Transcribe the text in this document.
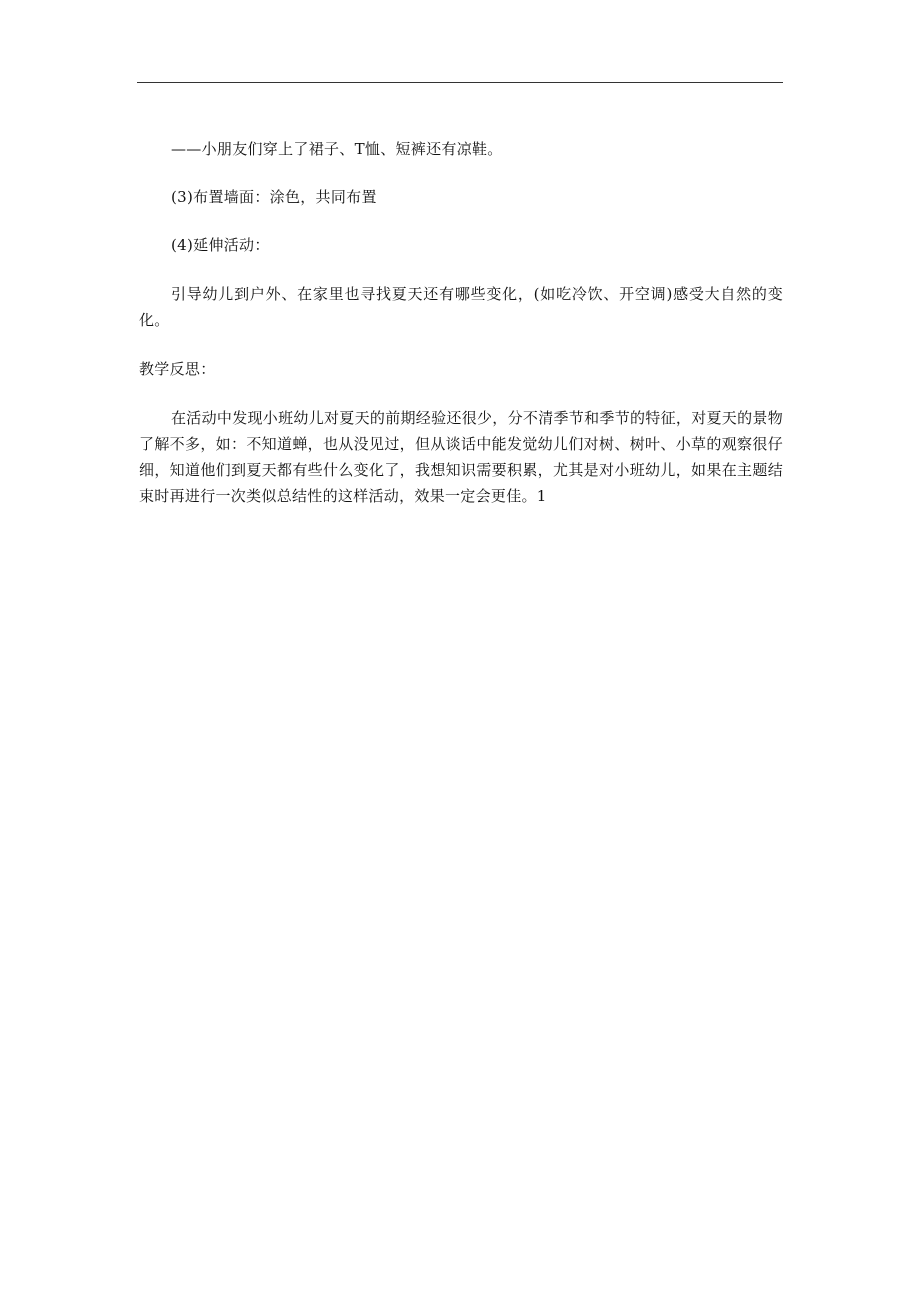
——小朋友们穿上了裙子、T恤、短裤还有凉鞋。

(3)布置墙面：涂色，共同布置

(4)延伸活动：

引导幼儿到户外、在家里也寻找夏天还有哪些变化，(如吃冷饮、开空调)感受大自然的变化。

教学反思：

在活动中发现小班幼儿对夏天的前期经验还很少，分不清季节和季节的特征，对夏天的景物了解不多，如：不知道蝉，也从没见过，但从谈话中能发觉幼儿们对树、树叶、小草的观察很仔细，知道他们到夏天都有些什么变化了，我想知识需要积累，尤其是对小班幼儿，如果在主题结束时再进行一次类似总结性的这样活动，效果一定会更佳。1
